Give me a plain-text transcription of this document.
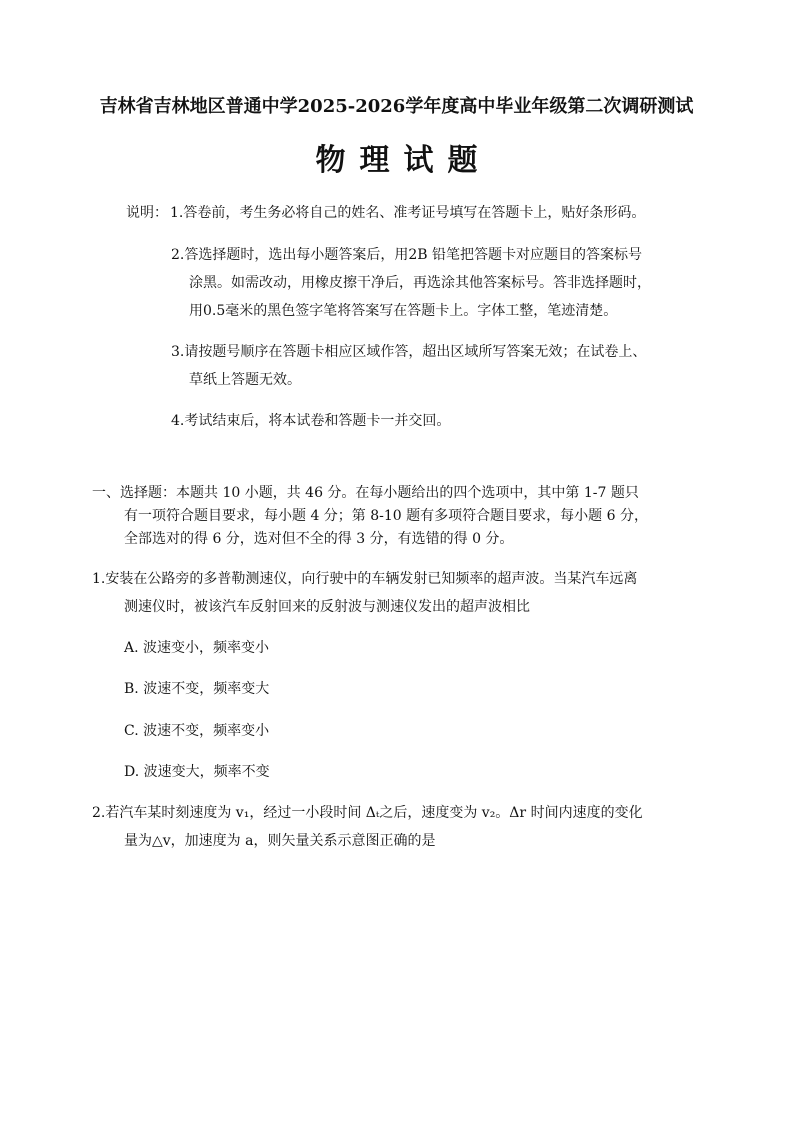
吉林省吉林地区普通中学2025-2026学年度高中毕业年级第二次调研测试
物理试题
说明： 1.答卷前，考生务必将自己的姓名、准考证号填写在答题卡上，贴好条形码。
2.答选择题时，选出每小题答案后，用2B 铅笔把答题卡对应题目的答案标号
涂黑。如需改动，用橡皮擦干净后，再选涂其他答案标号。答非选择题时，
用0.5毫米的黑色签字笔将答案写在答题卡上。字体工整，笔迹清楚。
3.请按题号顺序在答题卡相应区域作答，超出区域所写答案无效；在试卷上、
草纸上答题无效。
4.考试结束后，将本试卷和答题卡一并交回。
一、选择题：本题共 10 小题，共 46 分。在每小题给出的四个选项中，其中第 1-7 题只
有一项符合题目要求，每小题 4 分；第 8-10 题有多项符合题目要求，每小题 6 分，
全部选对的得 6 分，选对但不全的得 3 分，有选错的得 0 分。
1.安装在公路旁的多普勒测速仪，向行驶中的车辆发射已知频率的超声波。当某汽车远离
测速仪时，被该汽车反射回来的反射波与测速仪发出的超声波相比
A. 波速变小，频率变小
B. 波速不变，频率变大
C. 波速不变，频率变小
D. 波速变大，频率不变
2.若汽车某时刻速度为 v₁，经过一小段时间 Δₜ之后，速度变为 v₂。Δr 时间内速度的变化
量为△v，加速度为 a，则矢量关系示意图正确的是
